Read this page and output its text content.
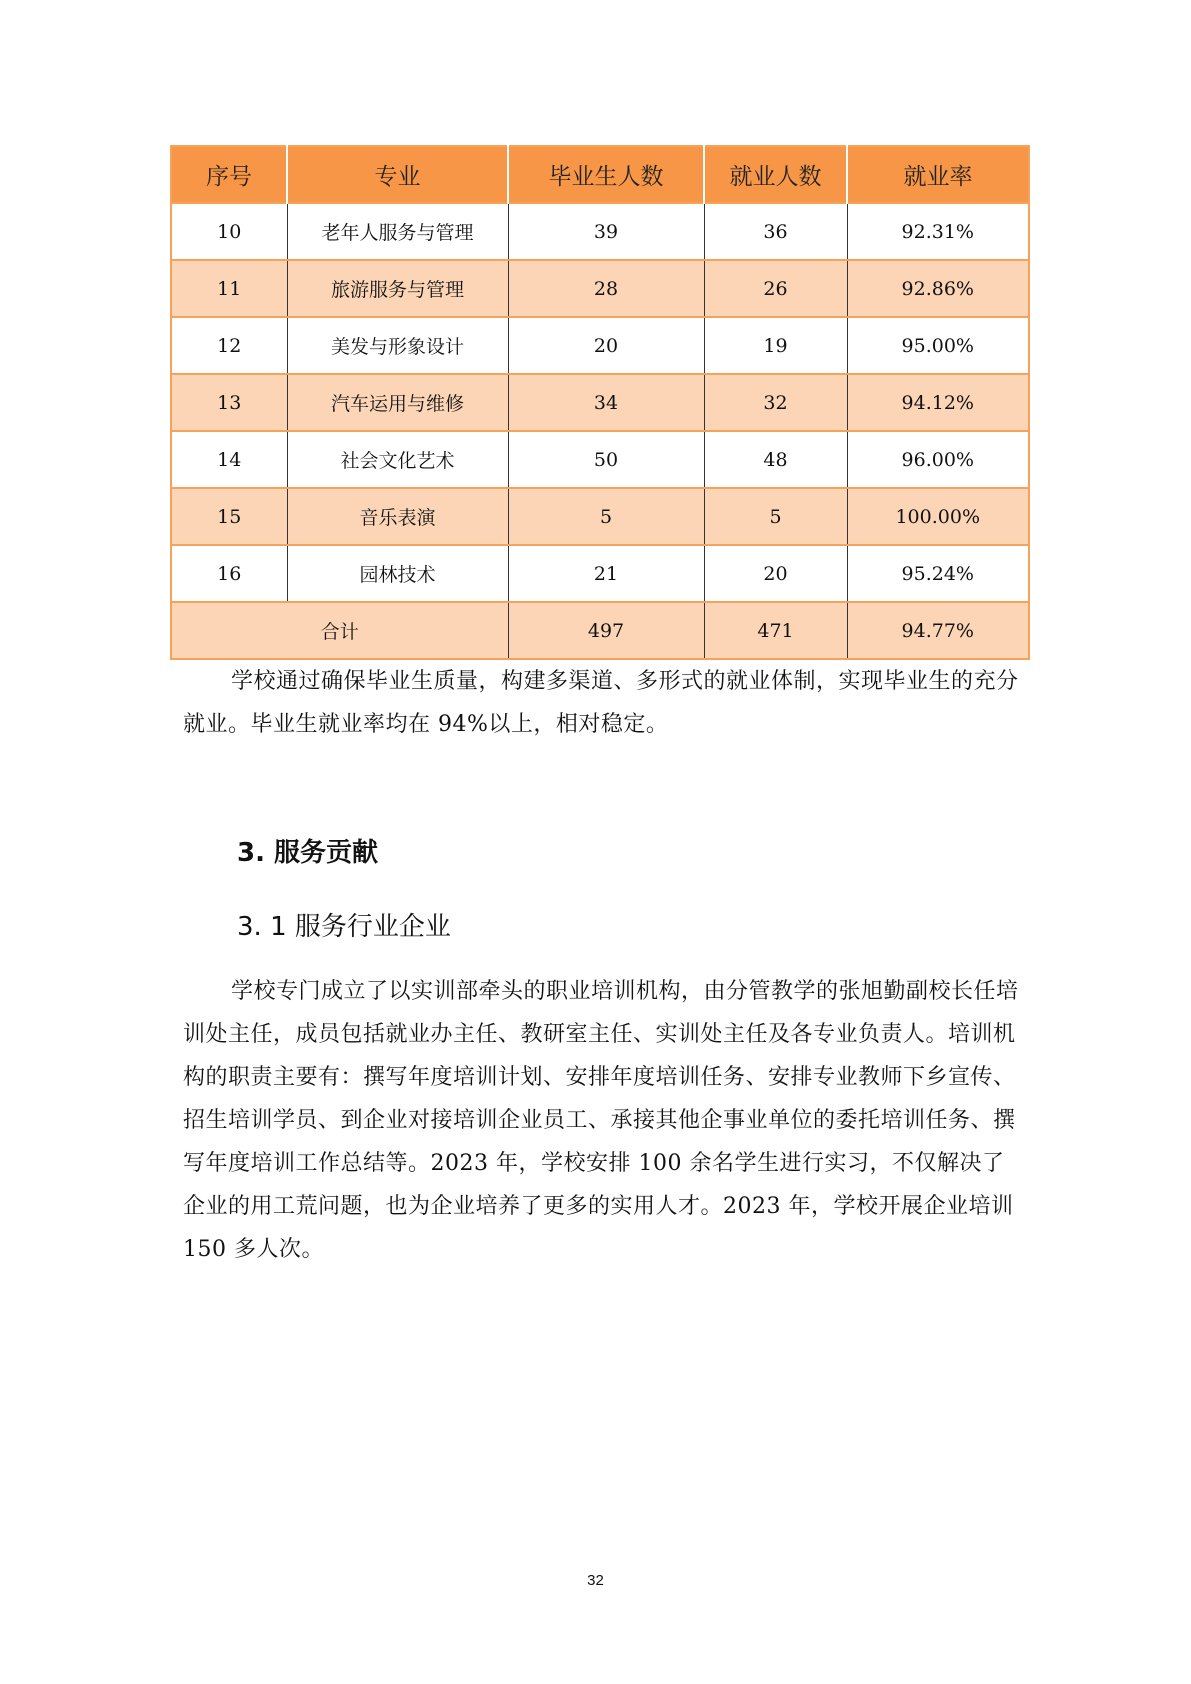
序号	专业	毕业生人数	就业人数	就业率
10	老年人服务与管理	39	36	92.31%
11	旅游服务与管理	28	26	92.86%
12	美发与形象设计	20	19	95.00%
13	汽车运用与维修	34	32	94.12%
14	社会文化艺术	50	48	96.00%
15	音乐表演	5	5	100.00%
16	园林技术	21	20	95.24%
合计		497	471	94.77%

学校通过确保毕业生质量，构建多渠道、多形式的就业体制，实现毕业生的充分就业。毕业生就业率均在 94%以上，相对稳定。

3. 服务贡献
3. 1 服务行业企业

学校专门成立了以实训部牵头的职业培训机构，由分管教学的张旭勤副校长任培训处主任，成员包括就业办主任、教研室主任、实训处主任及各专业负责人。培训机构的职责主要有：撰写年度培训计划、安排年度培训任务、安排专业教师下乡宣传、招生培训学员、到企业对接培训企业员工、承接其他企事业单位的委托培训任务、撰写年度培训工作总结等。2023 年，学校安排 100 余名学生进行实习，不仅解决了企业的用工荒问题，也为企业培养了更多的实用人才。2023 年，学校开展企业培训 150 多人次。

32
